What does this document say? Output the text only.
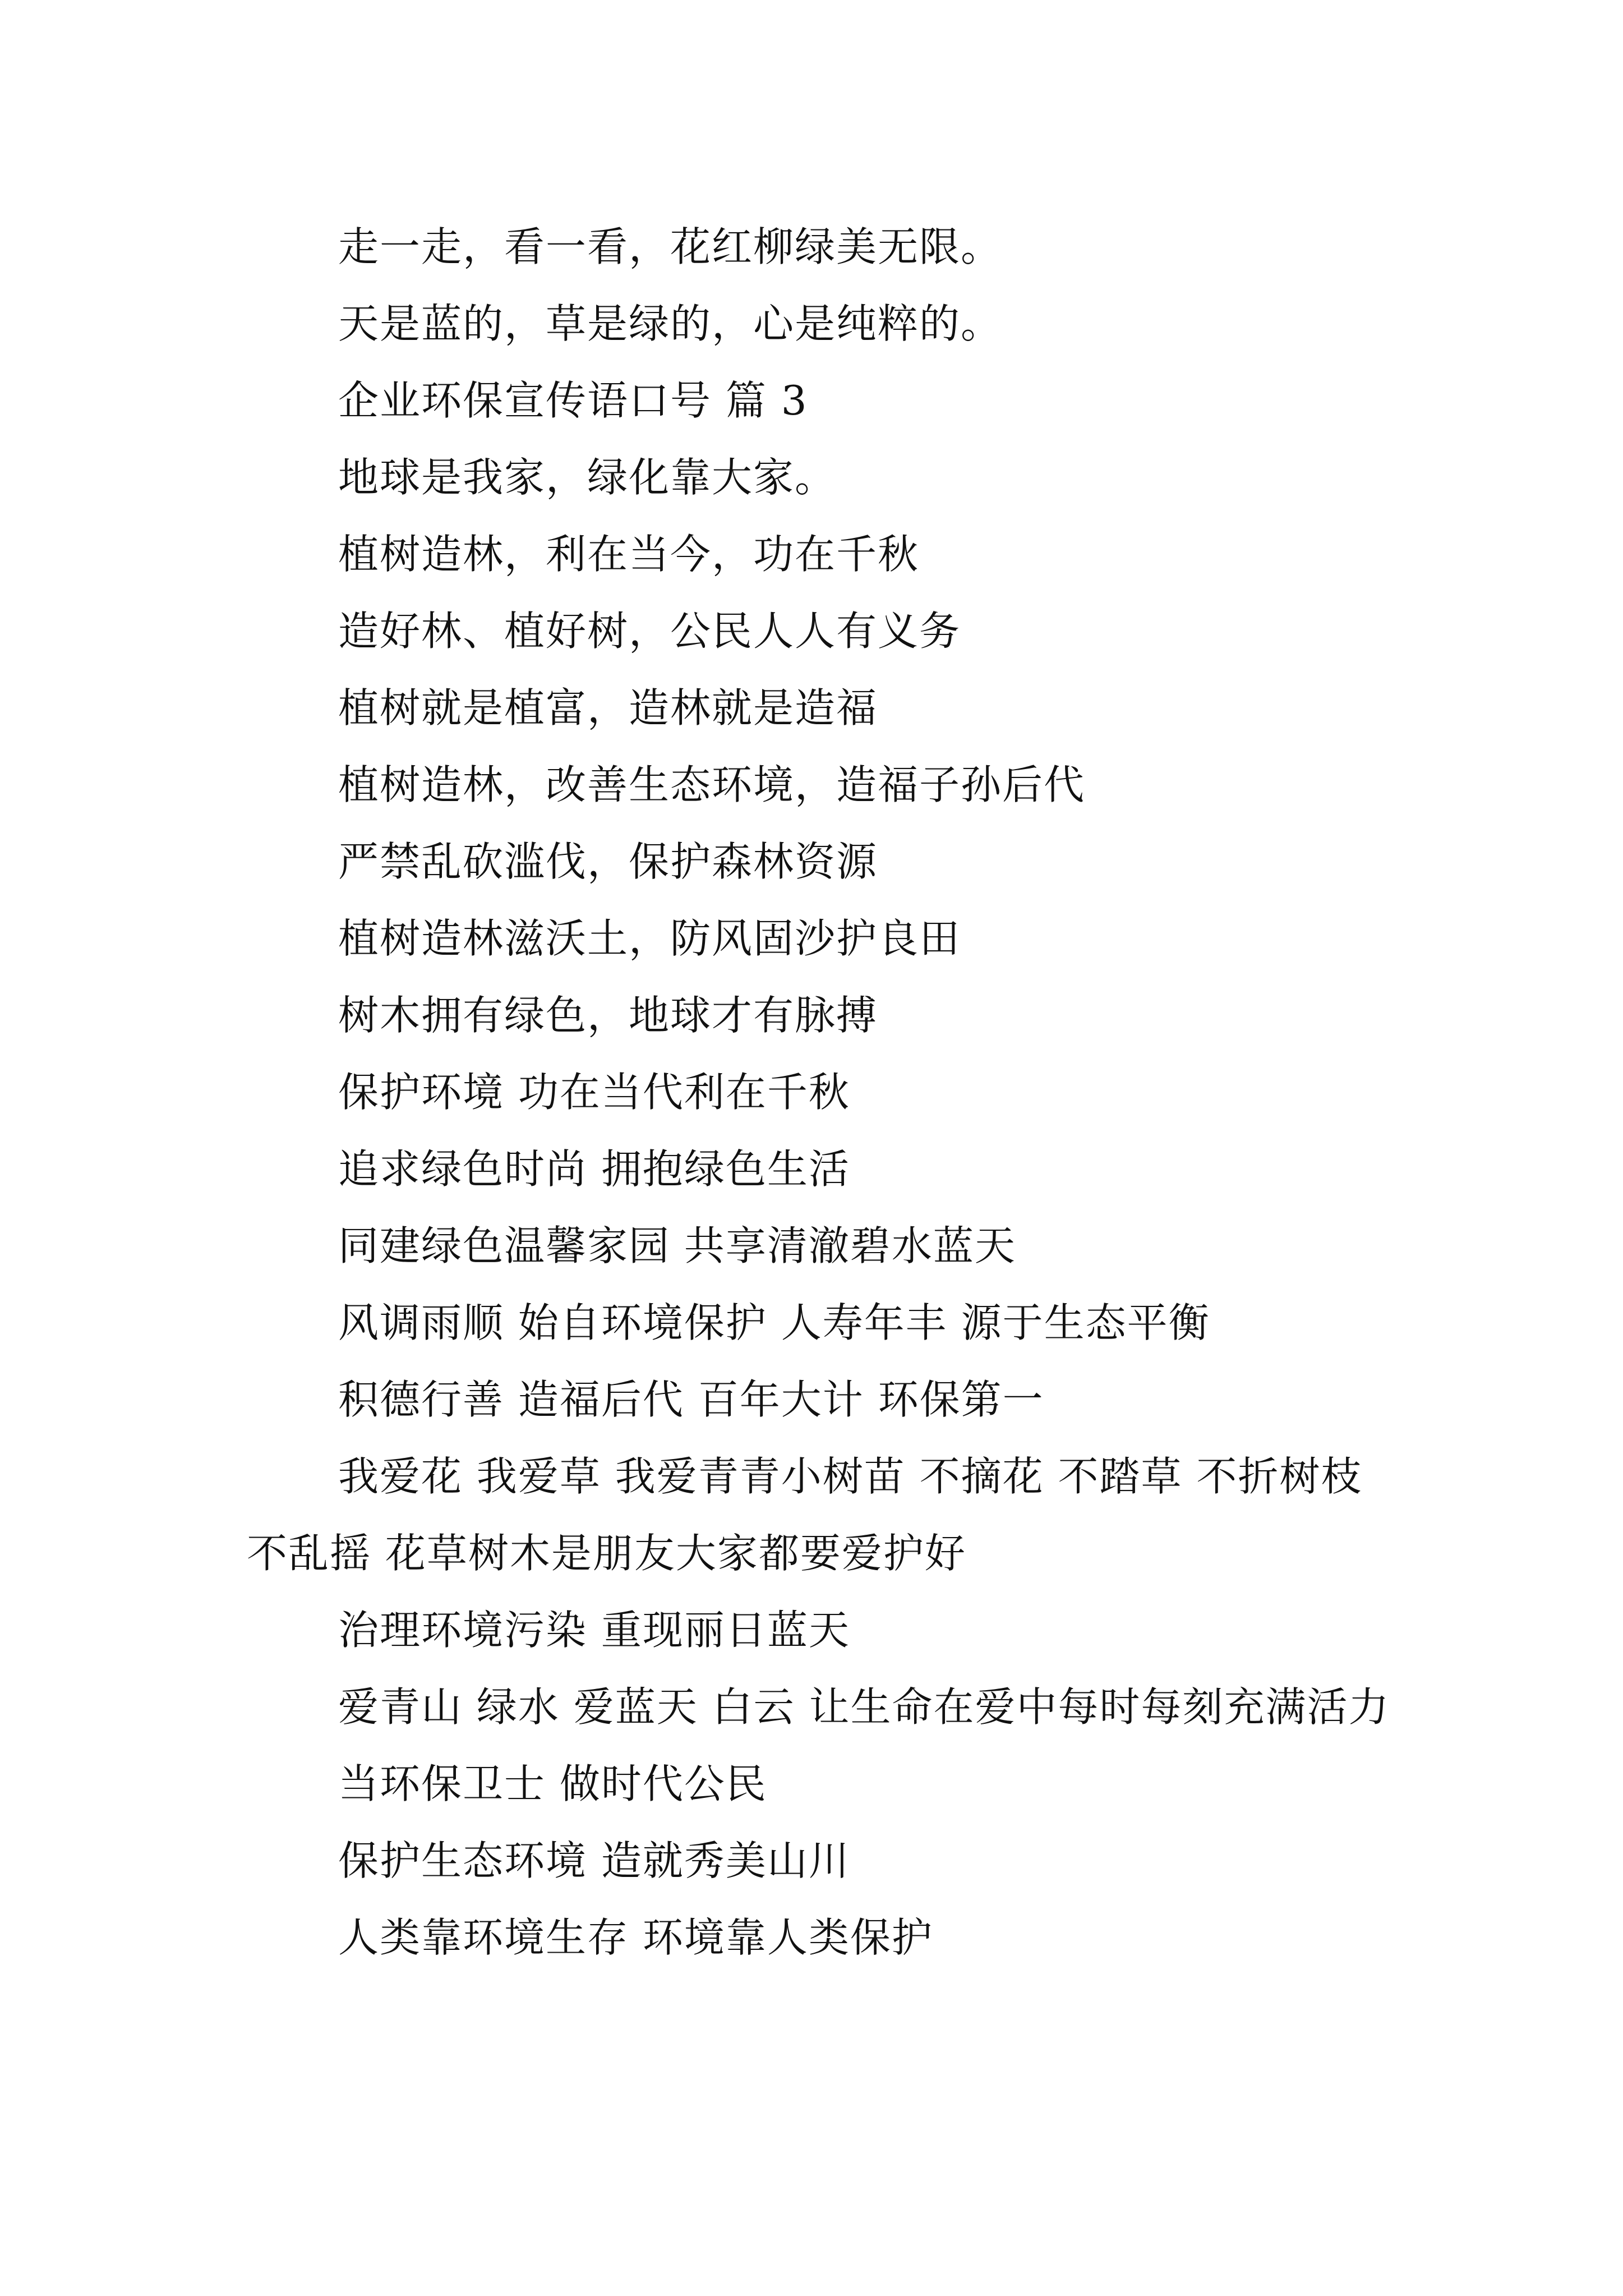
走一走，看一看，花红柳绿美无限。

天是蓝的，草是绿的，心是纯粹的。

企业环保宣传语口号 篇 3

地球是我家，绿化靠大家。

植树造林，利在当今，功在千秋

造好林、植好树，公民人人有义务

植树就是植富，造林就是造福

植树造林，改善生态环境，造福子孙后代

严禁乱砍滥伐，保护森林资源

植树造林滋沃土，防风固沙护良田

树木拥有绿色，地球才有脉搏

保护环境 功在当代利在千秋

追求绿色时尚 拥抱绿色生活

同建绿色温馨家园 共享清澈碧水蓝天

风调雨顺 始自环境保护 人寿年丰 源于生态平衡

积德行善 造福后代 百年大计 环保第一

我爱花 我爱草 我爱青青小树苗 不摘花 不踏草 不折树枝不乱摇 花草树木是朋友大家都要爱护好

治理环境污染 重现丽日蓝天

爱青山 绿水 爱蓝天 白云 让生命在爱中每时每刻充满活力

当环保卫士 做时代公民

保护生态环境 造就秀美山川

人类靠环境生存 环境靠人类保护
